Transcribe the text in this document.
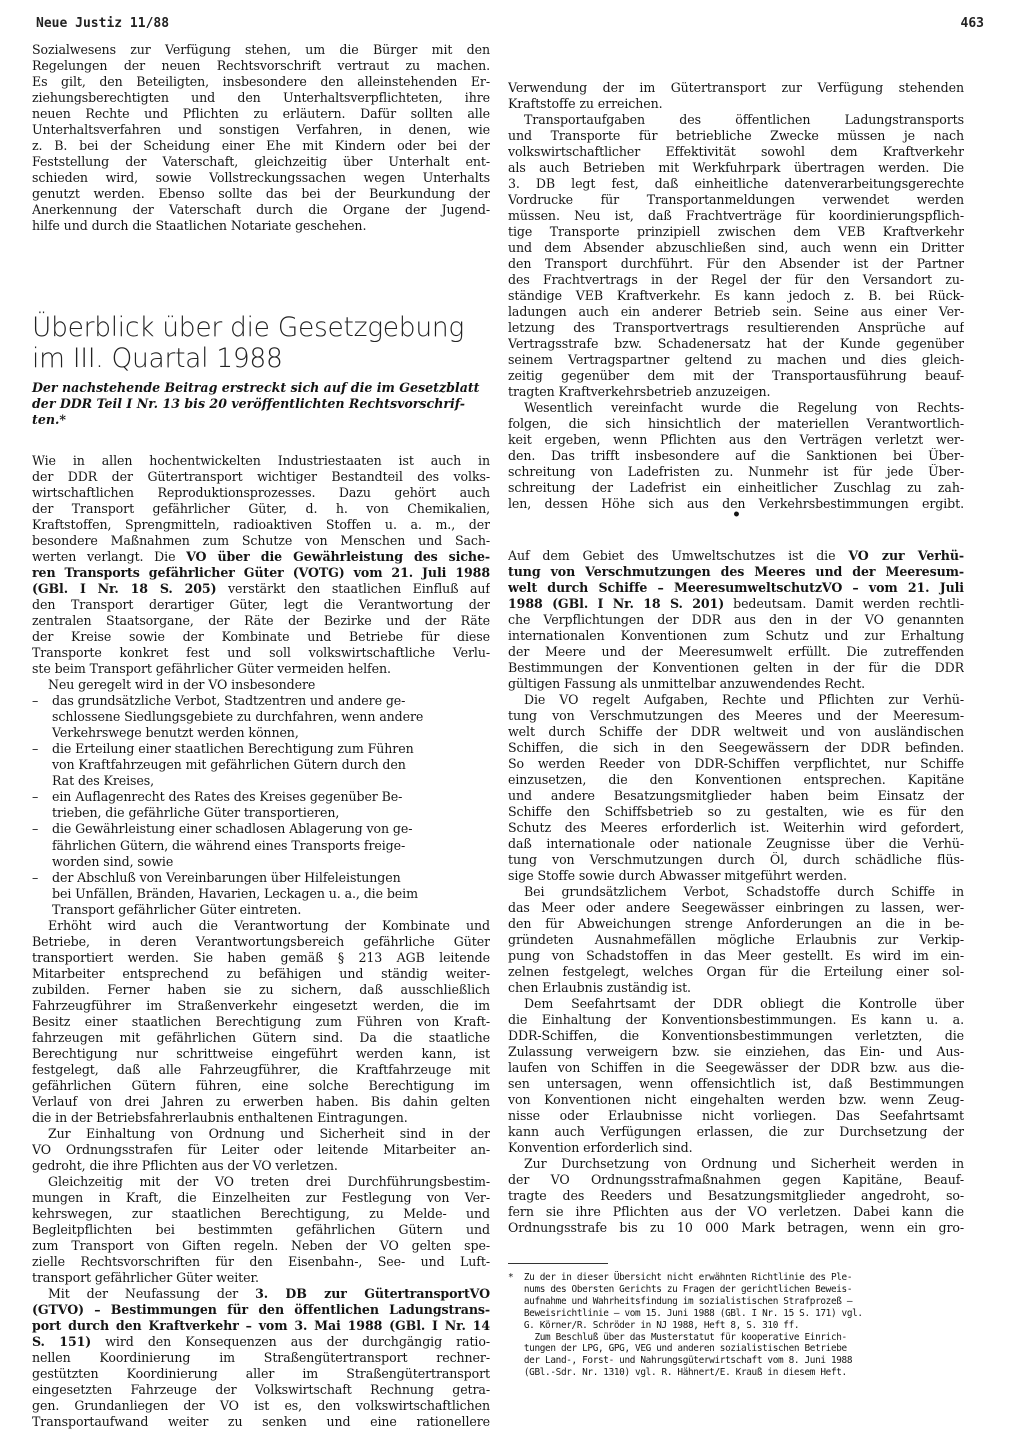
Neue Justiz 11/88	463
Sozialwesens zur Verfügung stehen, um die Bürger mit den
Regelungen der neuen Rechtsvorschrift vertraut zu machen.
Es gilt, den Beteiligten, insbesondere den alleinstehenden Er-
ziehungsberechtigten und den Unterhaltsverpflichteten, ihre
neuen Rechte und Pflichten zu erläutern. Dafür sollten alle
Unterhaltsverfahren und sonstigen Verfahren, in denen, wie
z. B. bei der Scheidung einer Ehe mit Kindern oder bei der
Feststellung der Vaterschaft, gleichzeitig über Unterhalt ent-
schieden wird, sowie Vollstreckungssachen wegen Unterhalts
genutzt werden. Ebenso sollte das bei der Beurkundung der
Anerkennung der Vaterschaft durch die Organe der Jugend-
hilfe und durch die Staatlichen Notariate geschehen.
Überblick über die Gesetzgebung
im III. Quartal 1988
Der nachstehende Beitrag erstreckt sich auf die im Gesetzblatt
der DDR Teil I Nr. 13 bis 20 veröffentlichten Rechtsvorschrif-
ten.*
Wie in allen hochentwickelten Industriestaaten ist auch in
der DDR der Gütertransport wichtiger Bestandteil des volks-
wirtschaftlichen Reproduktionsprozesses. Dazu gehört auch
der Transport gefährlicher Güter, d. h. von Chemikalien,
Kraftstoffen, Sprengmitteln, radioaktiven Stoffen u. a. m., der
besondere Maßnahmen zum Schutze von Menschen und Sach-
werten verlangt. Die VO über die Gewährleistung des siche-
ren Transports gefährlicher Güter (VOTG) vom 21. Juli 1988
(GBl. I Nr. 18 S. 205) verstärkt den staatlichen Einfluß auf
den Transport derartiger Güter, legt die Verantwortung der
zentralen Staatsorgane, der Räte der Bezirke und der Räte
der Kreise sowie der Kombinate und Betriebe für diese
Transporte konkret fest und soll volkswirtschaftliche Verlu-
ste beim Transport gefährlicher Güter vermeiden helfen.
Neu geregelt wird in der VO insbesondere
– das grundsätzliche Verbot, Stadtzentren und andere ge-
schlossene Siedlungsgebiete zu durchfahren, wenn andere
Verkehrswege benutzt werden können,
– die Erteilung einer staatlichen Berechtigung zum Führen
von Kraftfahrzeugen mit gefährlichen Gütern durch den
Rat des Kreises,
– ein Auflagenrecht des Rates des Kreises gegenüber Be-
trieben, die gefährliche Güter transportieren,
– die Gewährleistung einer schadlosen Ablagerung von ge-
fährlichen Gütern, die während eines Transports freige-
worden sind, sowie
– der Abschluß von Vereinbarungen über Hilfeleistungen
bei Unfällen, Bränden, Havarien, Leckagen u. a., die beim
Transport gefährlicher Güter eintreten.
Erhöht wird auch die Verantwortung der Kombinate und
Betriebe, in deren Verantwortungsbereich gefährliche Güter
transportiert werden. Sie haben gemäß § 213 AGB leitende
Mitarbeiter entsprechend zu befähigen und ständig weiter-
zubilden. Ferner haben sie zu sichern, daß ausschließlich
Fahrzeugführer im Straßenverkehr eingesetzt werden, die im
Besitz einer staatlichen Berechtigung zum Führen von Kraft-
fahrzeugen mit gefährlichen Gütern sind. Da die staatliche
Berechtigung nur schrittweise eingeführt werden kann, ist
festgelegt, daß alle Fahrzeugführer, die Kraftfahrzeuge mit
gefährlichen Gütern führen, eine solche Berechtigung im
Verlauf von drei Jahren zu erwerben haben. Bis dahin gelten
die in der Betriebsfahrerlaubnis enthaltenen Eintragungen.
Zur Einhaltung von Ordnung und Sicherheit sind in der
VO Ordnungsstrafen für Leiter oder leitende Mitarbeiter an-
gedroht, die ihre Pflichten aus der VO verletzen.
Gleichzeitig mit der VO treten drei Durchführungsbestim-
mungen in Kraft, die Einzelheiten zur Festlegung von Ver-
kehrswegen, zur staatlichen Berechtigung, zu Melde- und
Begleitpflichten bei bestimmten gefährlichen Gütern und
zum Transport von Giften regeln. Neben der VO gelten spe-
zielle Rechtsvorschriften für den Eisenbahn-, See- und Luft-
transport gefährlicher Güter weiter.
Mit der Neufassung der 3. DB zur GütertransportVO
(GTVO) – Bestimmungen für den öffentlichen Ladungstrans-
port durch den Kraftverkehr – vom 3. Mai 1988 (GBl. I Nr. 14
S. 151) wird den Konsequenzen aus der durchgängig ratio-
nellen Koordinierung im Straßengütertransport rechner-
gestützten Koordinierung aller im Straßengütertransport
eingesetzten Fahrzeuge der Volkswirtschaft Rechnung getra-
gen. Grundanliegen der VO ist es, den volkswirtschaftlichen
Transportaufwand weiter zu senken und eine rationellere
Verwendung der im Gütertransport zur Verfügung stehenden
Kraftstoffe zu erreichen.
Transportaufgaben des öffentlichen Ladungstransports
und Transporte für betriebliche Zwecke müssen je nach
volkswirtschaftlicher Effektivität sowohl dem Kraftverkehr
als auch Betrieben mit Werkfuhrpark übertragen werden. Die
3. DB legt fest, daß einheitliche datenverarbeitungsgerechte
Vordrucke für Transportanmeldungen verwendet werden
müssen. Neu ist, daß Frachtverträge für koordinierungspflich-
tige Transporte prinzipiell zwischen dem VEB Kraftverkehr
und dem Absender abzuschließen sind, auch wenn ein Dritter
den Transport durchführt. Für den Absender ist der Partner
des Frachtvertrags in der Regel der für den Versandort zu-
ständige VEB Kraftverkehr. Es kann jedoch z. B. bei Rück-
ladungen auch ein anderer Betrieb sein. Seine aus einer Ver-
letzung des Transportvertrags resultierenden Ansprüche auf
Vertragsstrafe bzw. Schadenersatz hat der Kunde gegenüber
seinem Vertragspartner geltend zu machen und dies gleich-
zeitig gegenüber dem mit der Transportausführung beauf-
tragten Kraftverkehrsbetrieb anzuzeigen.
Wesentlich vereinfacht wurde die Regelung von Rechts-
folgen, die sich hinsichtlich der materiellen Verantwortlich-
keit ergeben, wenn Pflichten aus den Verträgen verletzt wer-
den. Das trifft insbesondere auf die Sanktionen bei Über-
schreitung von Ladefristen zu. Nunmehr ist für jede Über-
schreitung der Ladefrist ein einheitlicher Zuschlag zu zah-
len, dessen Höhe sich aus den Verkehrsbestimmungen ergibt.
•
Auf dem Gebiet des Umweltschutzes ist die VO zur Verhü-
tung von Verschmutzungen des Meeres und der Meeresum-
welt durch Schiffe – MeeresumweltschutzVO – vom 21. Juli
1988 (GBl. I Nr. 18 S. 201) bedeutsam. Damit werden rechtli-
che Verpflichtungen der DDR aus den in der VO genannten
internationalen Konventionen zum Schutz und zur Erhaltung
der Meere und der Meeresumwelt erfüllt. Die zutreffenden
Bestimmungen der Konventionen gelten in der für die DDR
gültigen Fassung als unmittelbar anzuwendendes Recht.
Die VO regelt Aufgaben, Rechte und Pflichten zur Verhü-
tung von Verschmutzungen des Meeres und der Meeresum-
welt durch Schiffe der DDR weltweit und von ausländischen
Schiffen, die sich in den Seegewässern der DDR befinden.
So werden Reeder von DDR-Schiffen verpflichtet, nur Schiffe
einzusetzen, die den Konventionen entsprechen. Kapitäne
und andere Besatzungsmitglieder haben beim Einsatz der
Schiffe den Schiffsbetrieb so zu gestalten, wie es für den
Schutz des Meeres erforderlich ist. Weiterhin wird gefordert,
daß internationale oder nationale Zeugnisse über die Verhü-
tung von Verschmutzungen durch Öl, durch schädliche flüs-
sige Stoffe sowie durch Abwasser mitgeführt werden.
Bei grundsätzlichem Verbot, Schadstoffe durch Schiffe in
das Meer oder andere Seegewässer einbringen zu lassen, wer-
den für Abweichungen strenge Anforderungen an die in be-
gründeten Ausnahmefällen mögliche Erlaubnis zur Verkip-
pung von Schadstoffen in das Meer gestellt. Es wird im ein-
zelnen festgelegt, welches Organ für die Erteilung einer sol-
chen Erlaubnis zuständig ist.
Dem Seefahrtsamt der DDR obliegt die Kontrolle über
die Einhaltung der Konventionsbestimmungen. Es kann u. a.
DDR-Schiffen, die Konventionsbestimmungen verletzten, die
Zulassung verweigern bzw. sie einziehen, das Ein- und Aus-
laufen von Schiffen in die Seegewässer der DDR bzw. aus die-
sen untersagen, wenn offensichtlich ist, daß Bestimmungen
von Konventionen nicht eingehalten werden bzw. wenn Zeug-
nisse oder Erlaubnisse nicht vorliegen. Das Seefahrtsamt
kann auch Verfügungen erlassen, die zur Durchsetzung der
Konvention erforderlich sind.
Zur Durchsetzung von Ordnung und Sicherheit werden in
der VO Ordnungsstrafmaßnahmen gegen Kapitäne, Beauf-
tragte des Reeders und Besatzungsmitglieder angedroht, so-
fern sie ihre Pflichten aus der VO verletzen. Dabei kann die
Ordnungsstrafe bis zu 10 000 Mark betragen, wenn ein gro-
*  Zu der in dieser Übersicht nicht erwähnten Richtlinie des Ple-
nums des Obersten Gerichts zu Fragen der gerichtlichen Beweis-
aufnahme und Wahrheitsfindung im sozialistischen Strafprozeß –
Beweisrichtlinie – vom 15. Juni 1988 (GBl. I Nr. 15 S. 171) vgl.
G. Körner/R. Schröder in NJ 1988, Heft 8, S. 310 ff.
Zum Beschluß über das Musterstatut für kooperative Einrich-
tungen der LPG, GPG, VEG und anderen sozialistischen Betriebe
der Land-, Forst- und Nahrungsgüterwirtschaft vom 8. Juni 1988
(GBl.-Sdr. Nr. 1310) vgl. R. Hähnert/E. Krauß in diesem Heft.
